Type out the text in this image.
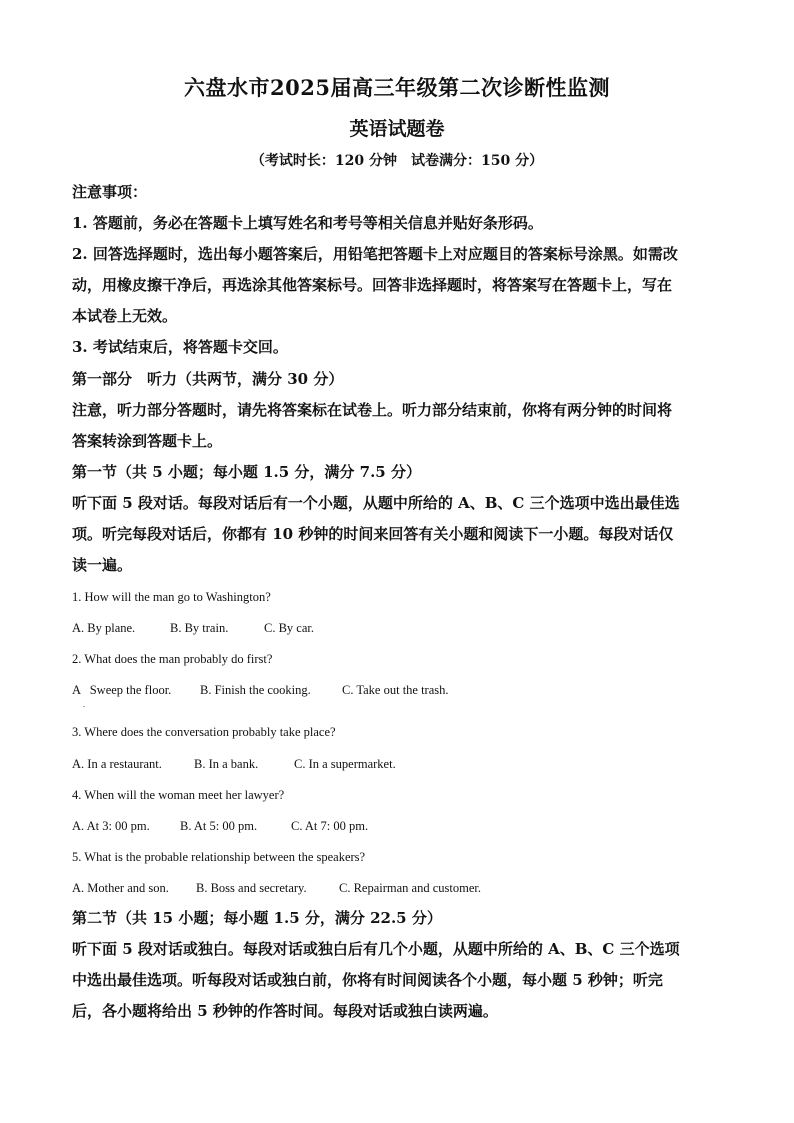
六盘水市2025届高三年级第二次诊断性监测
英语试题卷
（考试时长：120 分钟　试卷满分：150 分）
注意事项：
1. 答题前，务必在答题卡上填写姓名和考号等相关信息并贴好条形码。
2. 回答选择题时，选出每小题答案后，用铅笔把答题卡上对应题目的答案标号涂黑。如需改
动，用橡皮擦干净后，再选涂其他答案标号。回答非选择题时，将答案写在答题卡上，写在
本试卷上无效。
3. 考试结束后，将答题卡交回。
第一部分　听力（共两节，满分 30 分）
注意，听力部分答题时，请先将答案标在试卷上。听力部分结束前，你将有两分钟的时间将
答案转涂到答题卡上。
第一节（共 5 小题；每小题 1.5 分，满分 7.5 分）
听下面 5 段对话。每段对话后有一个小题，从题中所给的 A、B、C 三个选项中选出最佳选
项。听完每段对话后，你都有 10 秒钟的时间来回答有关小题和阅读下一小题。每段对话仅
读一遍。
1. How will the man go to Washington?
A. By plane.	B. By train.	C. By car.
2. What does the man probably do first?
A   Sweep the floor. B. Finish the cooking. C. Take out the trash.
.
3. Where does the conversation probably take place?
A. In a restaurant.	B. In a bank.	C. In a supermarket.
4. When will the woman meet her lawyer?
A. At 3: 00 pm. B. At 5: 00 pm.	C. At 7: 00 pm.
5. What is the probable relationship between the speakers?
A. Mother and son. B. Boss and secretary.	C. Repairman and customer.
第二节（共 15 小题；每小题 1.5 分，满分 22.5 分）
听下面 5 段对话或独白。每段对话或独白后有几个小题，从题中所给的 A、B、C 三个选项
中选出最佳选项。听每段对话或独白前，你将有时间阅读各个小题，每小题 5 秒钟；听完
后，各小题将给出 5 秒钟的作答时间。每段对话或独白读两遍。
